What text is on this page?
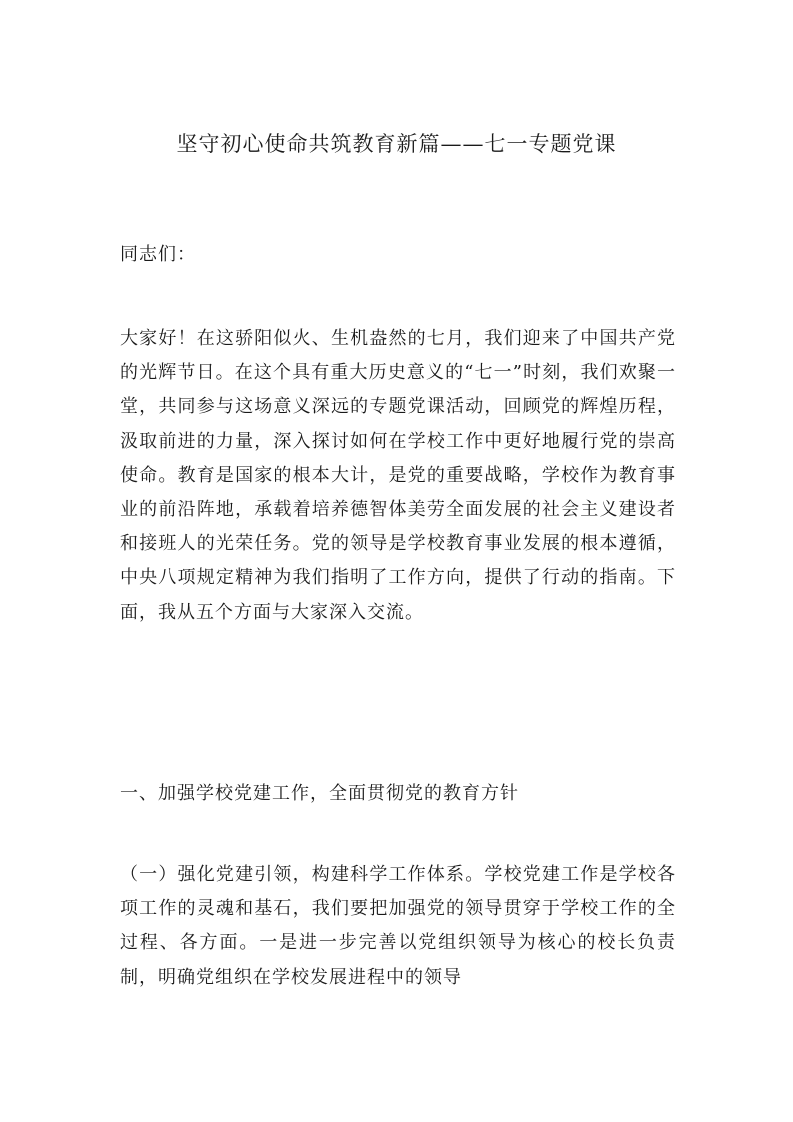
坚守初心使命共筑教育新篇——七一专题党课

同志们：

大家好！在这骄阳似火、生机盎然的七月，我们迎来了中国共产党的光辉节日。在这个具有重大历史意义的“七一”时刻，我们欢聚一堂，共同参与这场意义深远的专题党课活动，回顾党的辉煌历程，汲取前进的力量，深入探讨如何在学校工作中更好地履行党的崇高使命。教育是国家的根本大计，是党的重要战略，学校作为教育事业的前沿阵地，承载着培养德智体美劳全面发展的社会主义建设者和接班人的光荣任务。党的领导是学校教育事业发展的根本遵循，中央八项规定精神为我们指明了工作方向，提供了行动的指南。下面，我从五个方面与大家深入交流。

一、加强学校党建工作，全面贯彻党的教育方针

（一）强化党建引领，构建科学工作体系。学校党建工作是学校各项工作的灵魂和基石，我们要把加强党的领导贯穿于学校工作的全过程、各方面。一是进一步完善以党组织领导为核心的校长负责制，明确党组织在学校发展进程中的领导
